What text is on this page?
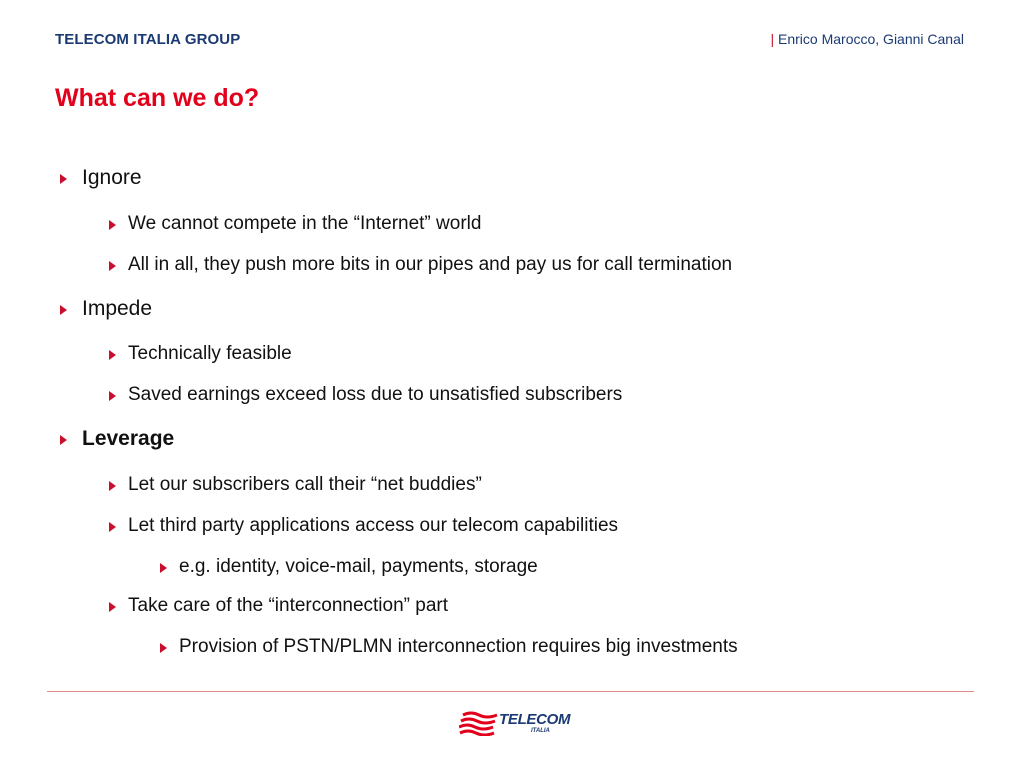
TELECOM ITALIA GROUP	| Enrico Marocco, Gianni Canal
What can we do?
Ignore
We cannot compete in the “Internet” world
All in all, they push more bits in our pipes and pay us for call termination
Impede
Technically feasible
Saved earnings exceed loss due to unsatisfied subscribers
Leverage
Let our subscribers call their “net buddies”
Let third party applications access our telecom capabilities
e.g. identity, voice-mail, payments, storage
Take care of the “interconnection” part
Provision of PSTN/PLMN interconnection requires big investments
TELECOM
ITALIA
